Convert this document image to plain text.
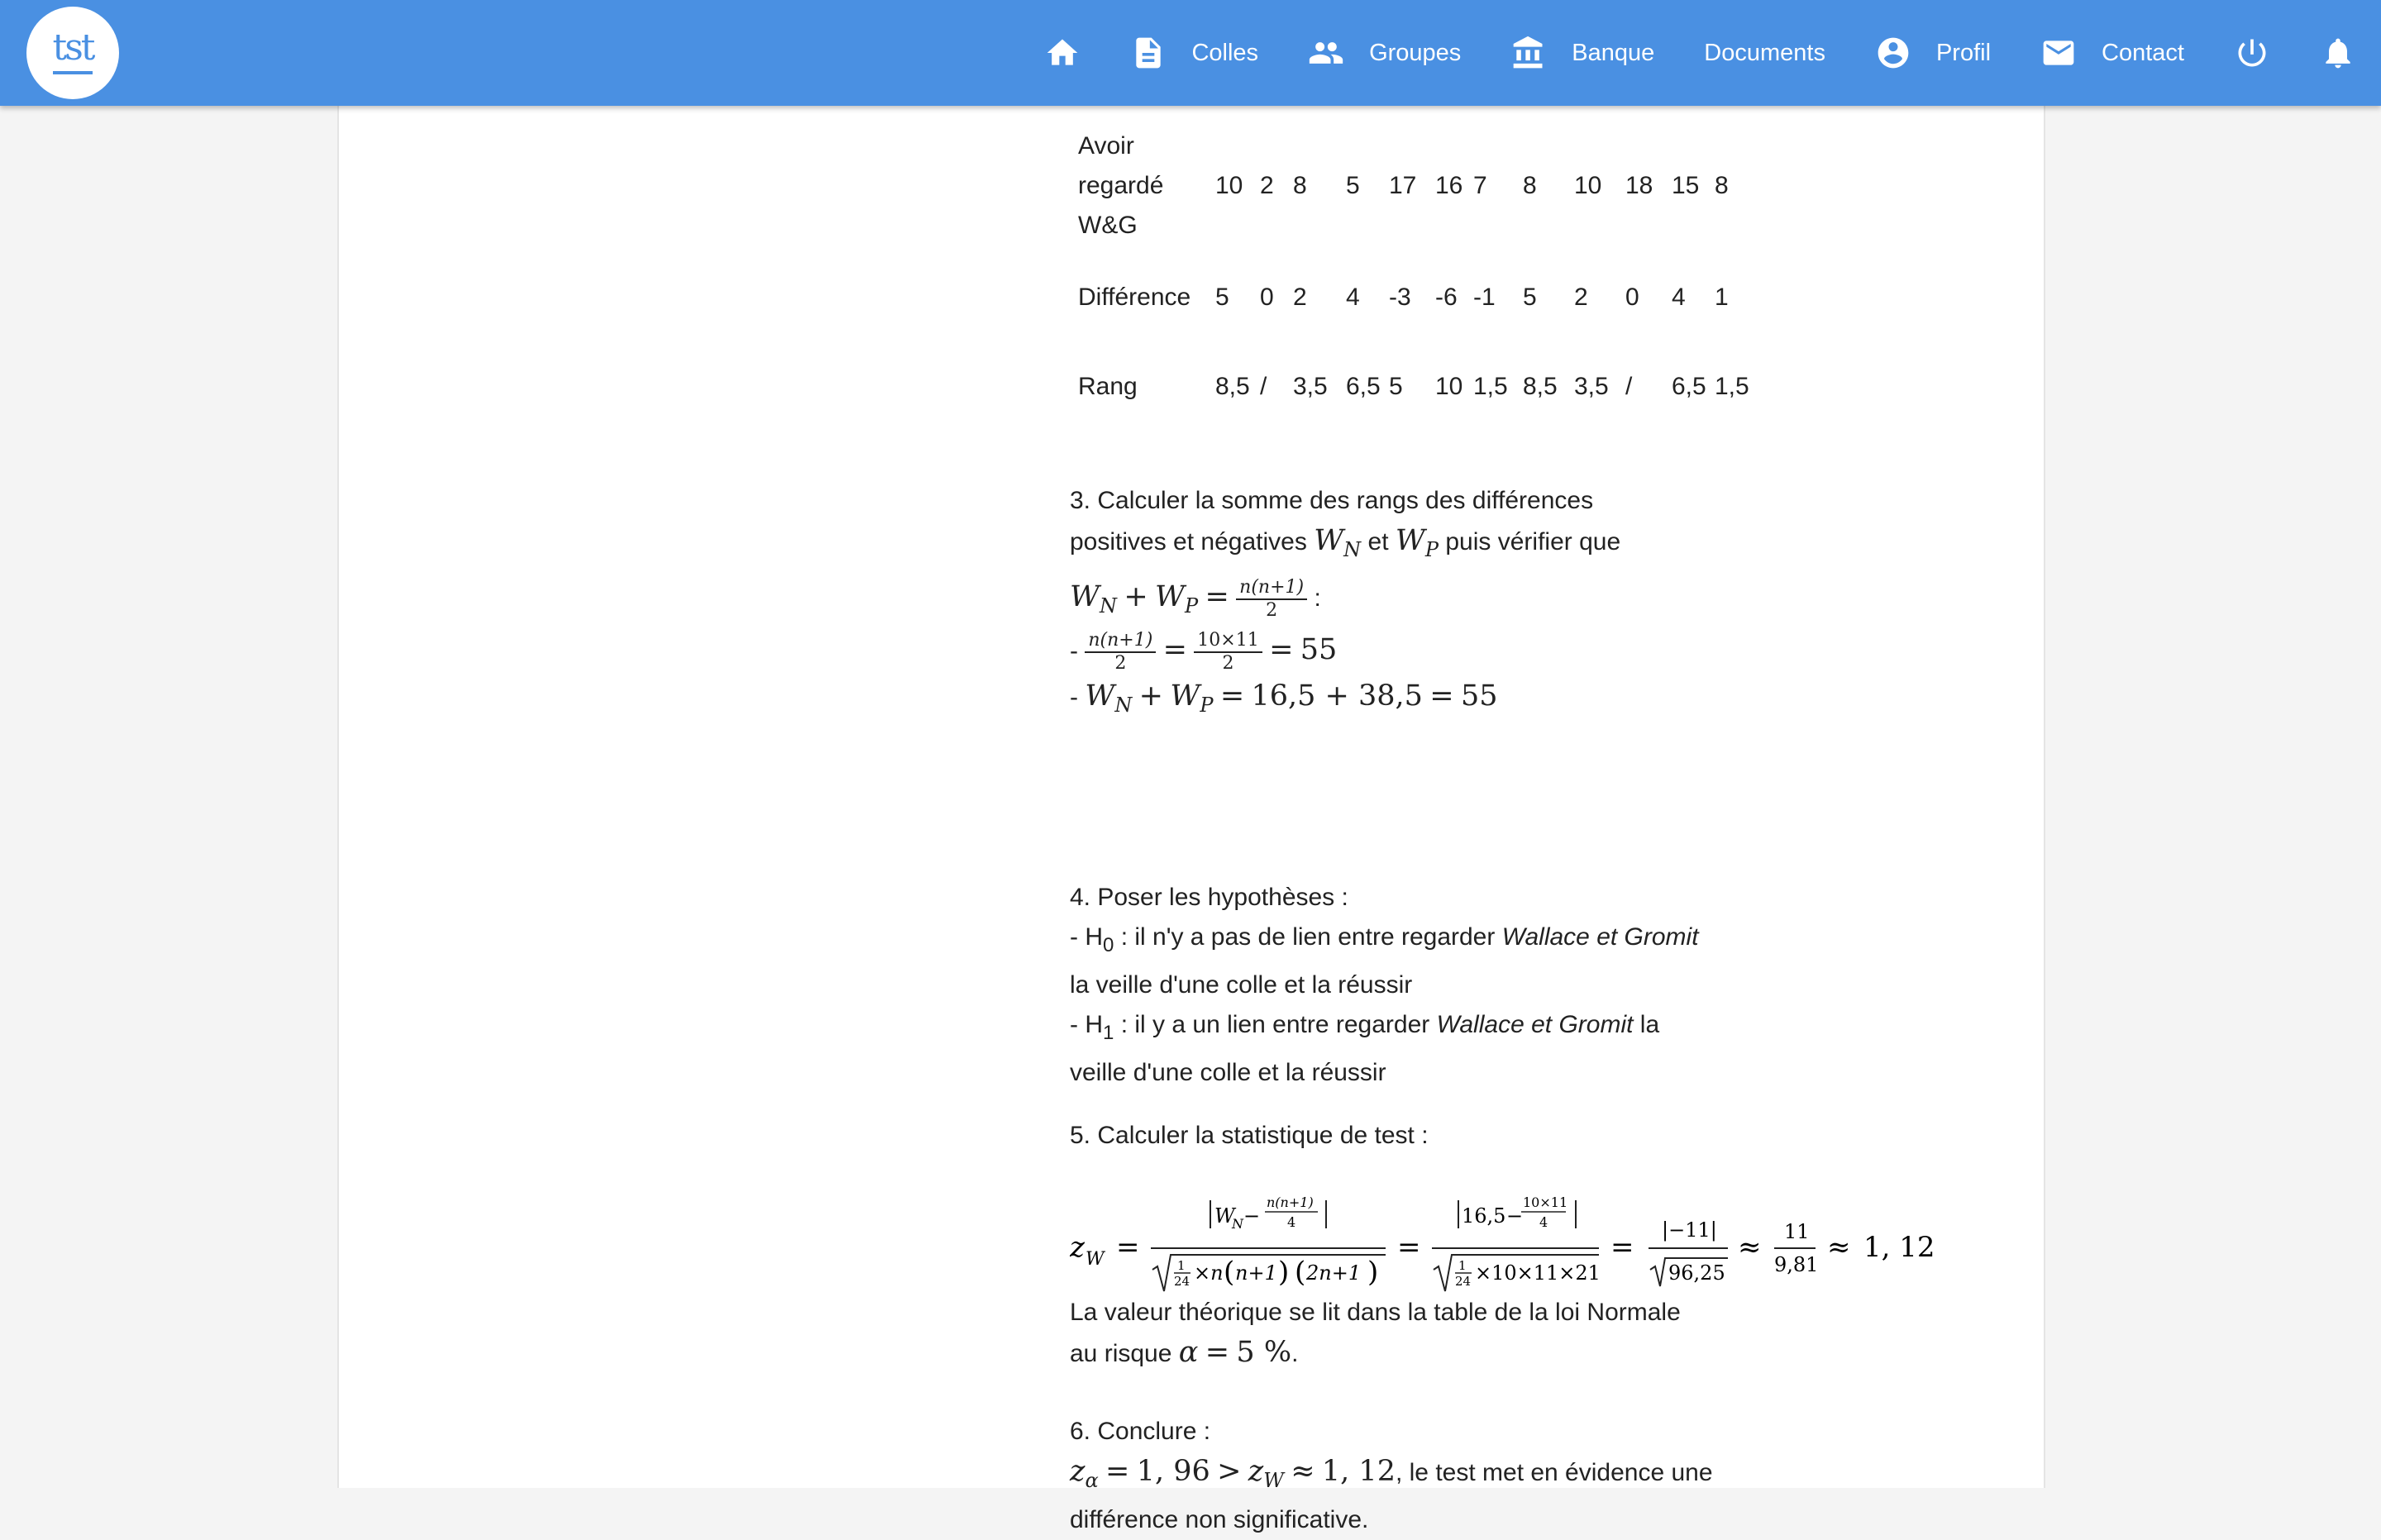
tst	Colles	Groupes	Banque Documents	Profil	Contact
Avoir regardé W&G	10	2	8	5	17	16	7	8	10	18	15	8
Différence	5	0	2	4	-3	-6	-1	5	2	0	4	1
Rang	8,5	/	3,5	6,5	5	10	1,5	8,5	3,5	/	6,5	1,5
3. Calculer la somme des rangs des différences
positives et négatives $W_N$ et $W_P$ puis vérifier que
$W_N + W_P = \frac{n(n+1)}{2}$ :
- $\frac{n(n+1)}{2} = \frac{10\times 11}{2} = 55$
- $W_N + W_P = 16,5 + 38,5 = 55$
4. Poser les hypothèses :
- $H_0$ : il n'y a pas de lien entre regarder Wallace et Gromit
la veille d'une colle et la réussir
- $H_1$ : il y a un lien entre regarder Wallace et Gromit la
veille d'une colle et la réussir
5. Calculer la statistique de test :
z W =
W
N −
n(n+1)
4
1
24 ×n ( n+1 ) ( 2n+1 )
=
16,5 −
10×11
4
1
24 ×10×11×21
=
|−11|
96,25
≈ 11
9,81
≈ 1, 12
La valeur théorique se lit dans la table de la loi Normale
au risque α = 5 %.
6. Conclure :
$z_\alpha = 1$, $96 > z_W \approx 1$, 12, le test met en évidence une
différence non significative.
